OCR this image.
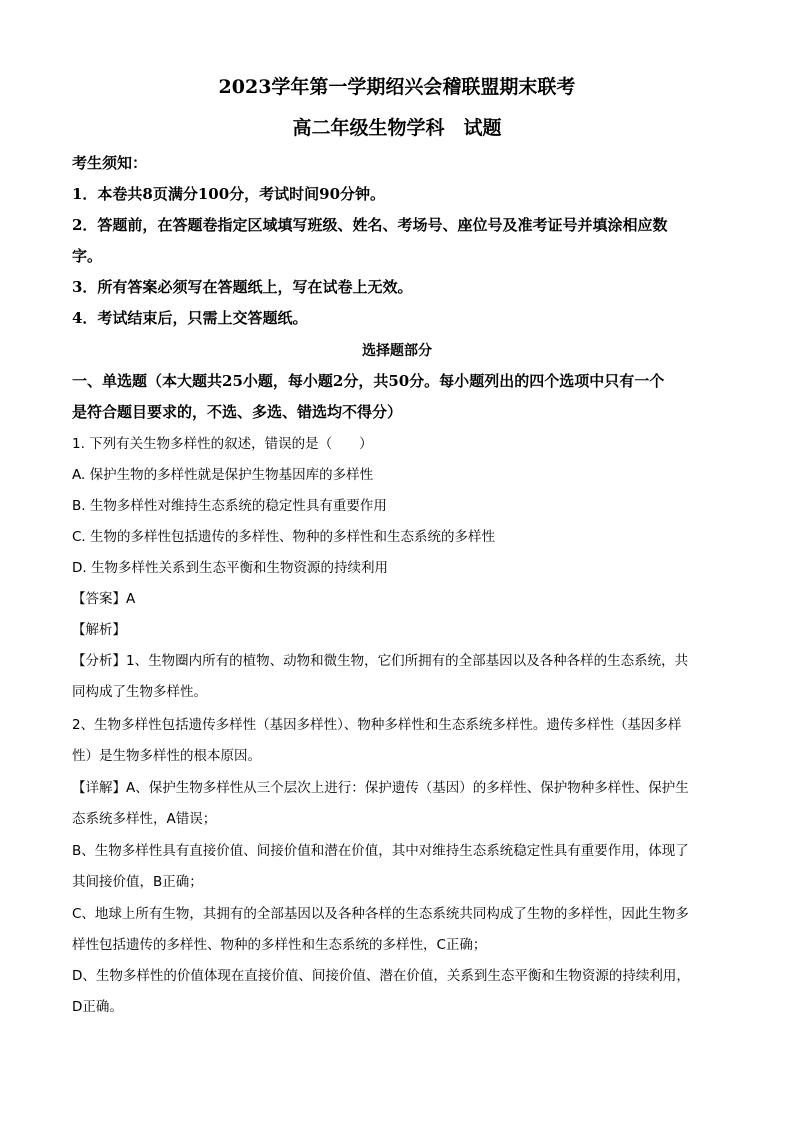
2023学年第一学期绍兴会稽联盟期末联考
高二年级生物学科　试题
考生须知：
1．本卷共8页满分100分，考试时间90分钟。
2．答题前，在答题卷指定区域填写班级、姓名、考场号、座位号及准考证号并填涂相应数
字。
3．所有答案必须写在答题纸上，写在试卷上无效。
4．考试结束后，只需上交答题纸。
选择题部分
一、单选题（本大题共25小题，每小题2分，共50分。每小题列出的四个选项中只有一个
是符合题目要求的，不选、多选、错选均不得分）
1. 下列有关生物多样性的叙述，错误的是（　　）
A. 保护生物的多样性就是保护生物基因库的多样性
B. 生物多样性对维持生态系统的稳定性具有重要作用
C. 生物的多样性包括遗传的多样性、物种的多样性和生态系统的多样性
D. 生物多样性关系到生态平衡和生物资源的持续利用
【答案】A
【解析】
【分析】1、生物圈内所有的植物、动物和微生物，它们所拥有的全部基因以及各种各样的生态系统，共
同构成了生物多样性。
2、生物多样性包括遗传多样性（基因多样性）、物种多样性和生态系统多样性。遗传多样性（基因多样
性）是生物多样性的根本原因。
【详解】A、保护生物多样性从三个层次上进行：保护遗传（基因）的多样性、保护物种多样性、保护生
态系统多样性，A错误；
B、生物多样性具有直接价值、间接价值和潜在价值，其中对维持生态系统稳定性具有重要作用，体现了
其间接价值，B正确；
C、地球上所有生物，其拥有的全部基因以及各种各样的生态系统共同构成了生物的多样性，因此生物多
样性包括遗传的多样性、物种的多样性和生态系统的多样性，C正确；
D、生物多样性的价值体现在直接价值、间接价值、潜在价值，关系到生态平衡和生物资源的持续利用，
D正确。
